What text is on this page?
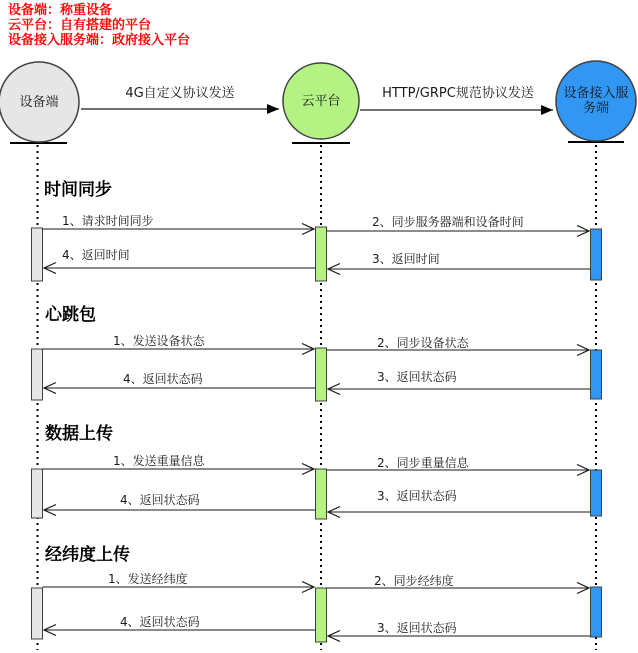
设备端：称重设备
云平台：自有搭建的平台
设备接入服务端：政府接入平台
设备端	云平台	设备接入服务端
4G自定义协议发送	HTTP/GRPC规范协议发送
时间同步
1、请求时间同步	2、同步服务器端和设备时间
3、返回时间
4、返回时间
心跳包
1、发送设备状态	2、同步设备状态
3、返回状态码
4、返回状态码
数据上传
1、发送重量信息	2、同步重量信息
3、返回状态码
4、返回状态码
经纬度上传
1、发送经纬度	2、同步经纬度
3、返回状态码
4、返回状态码
